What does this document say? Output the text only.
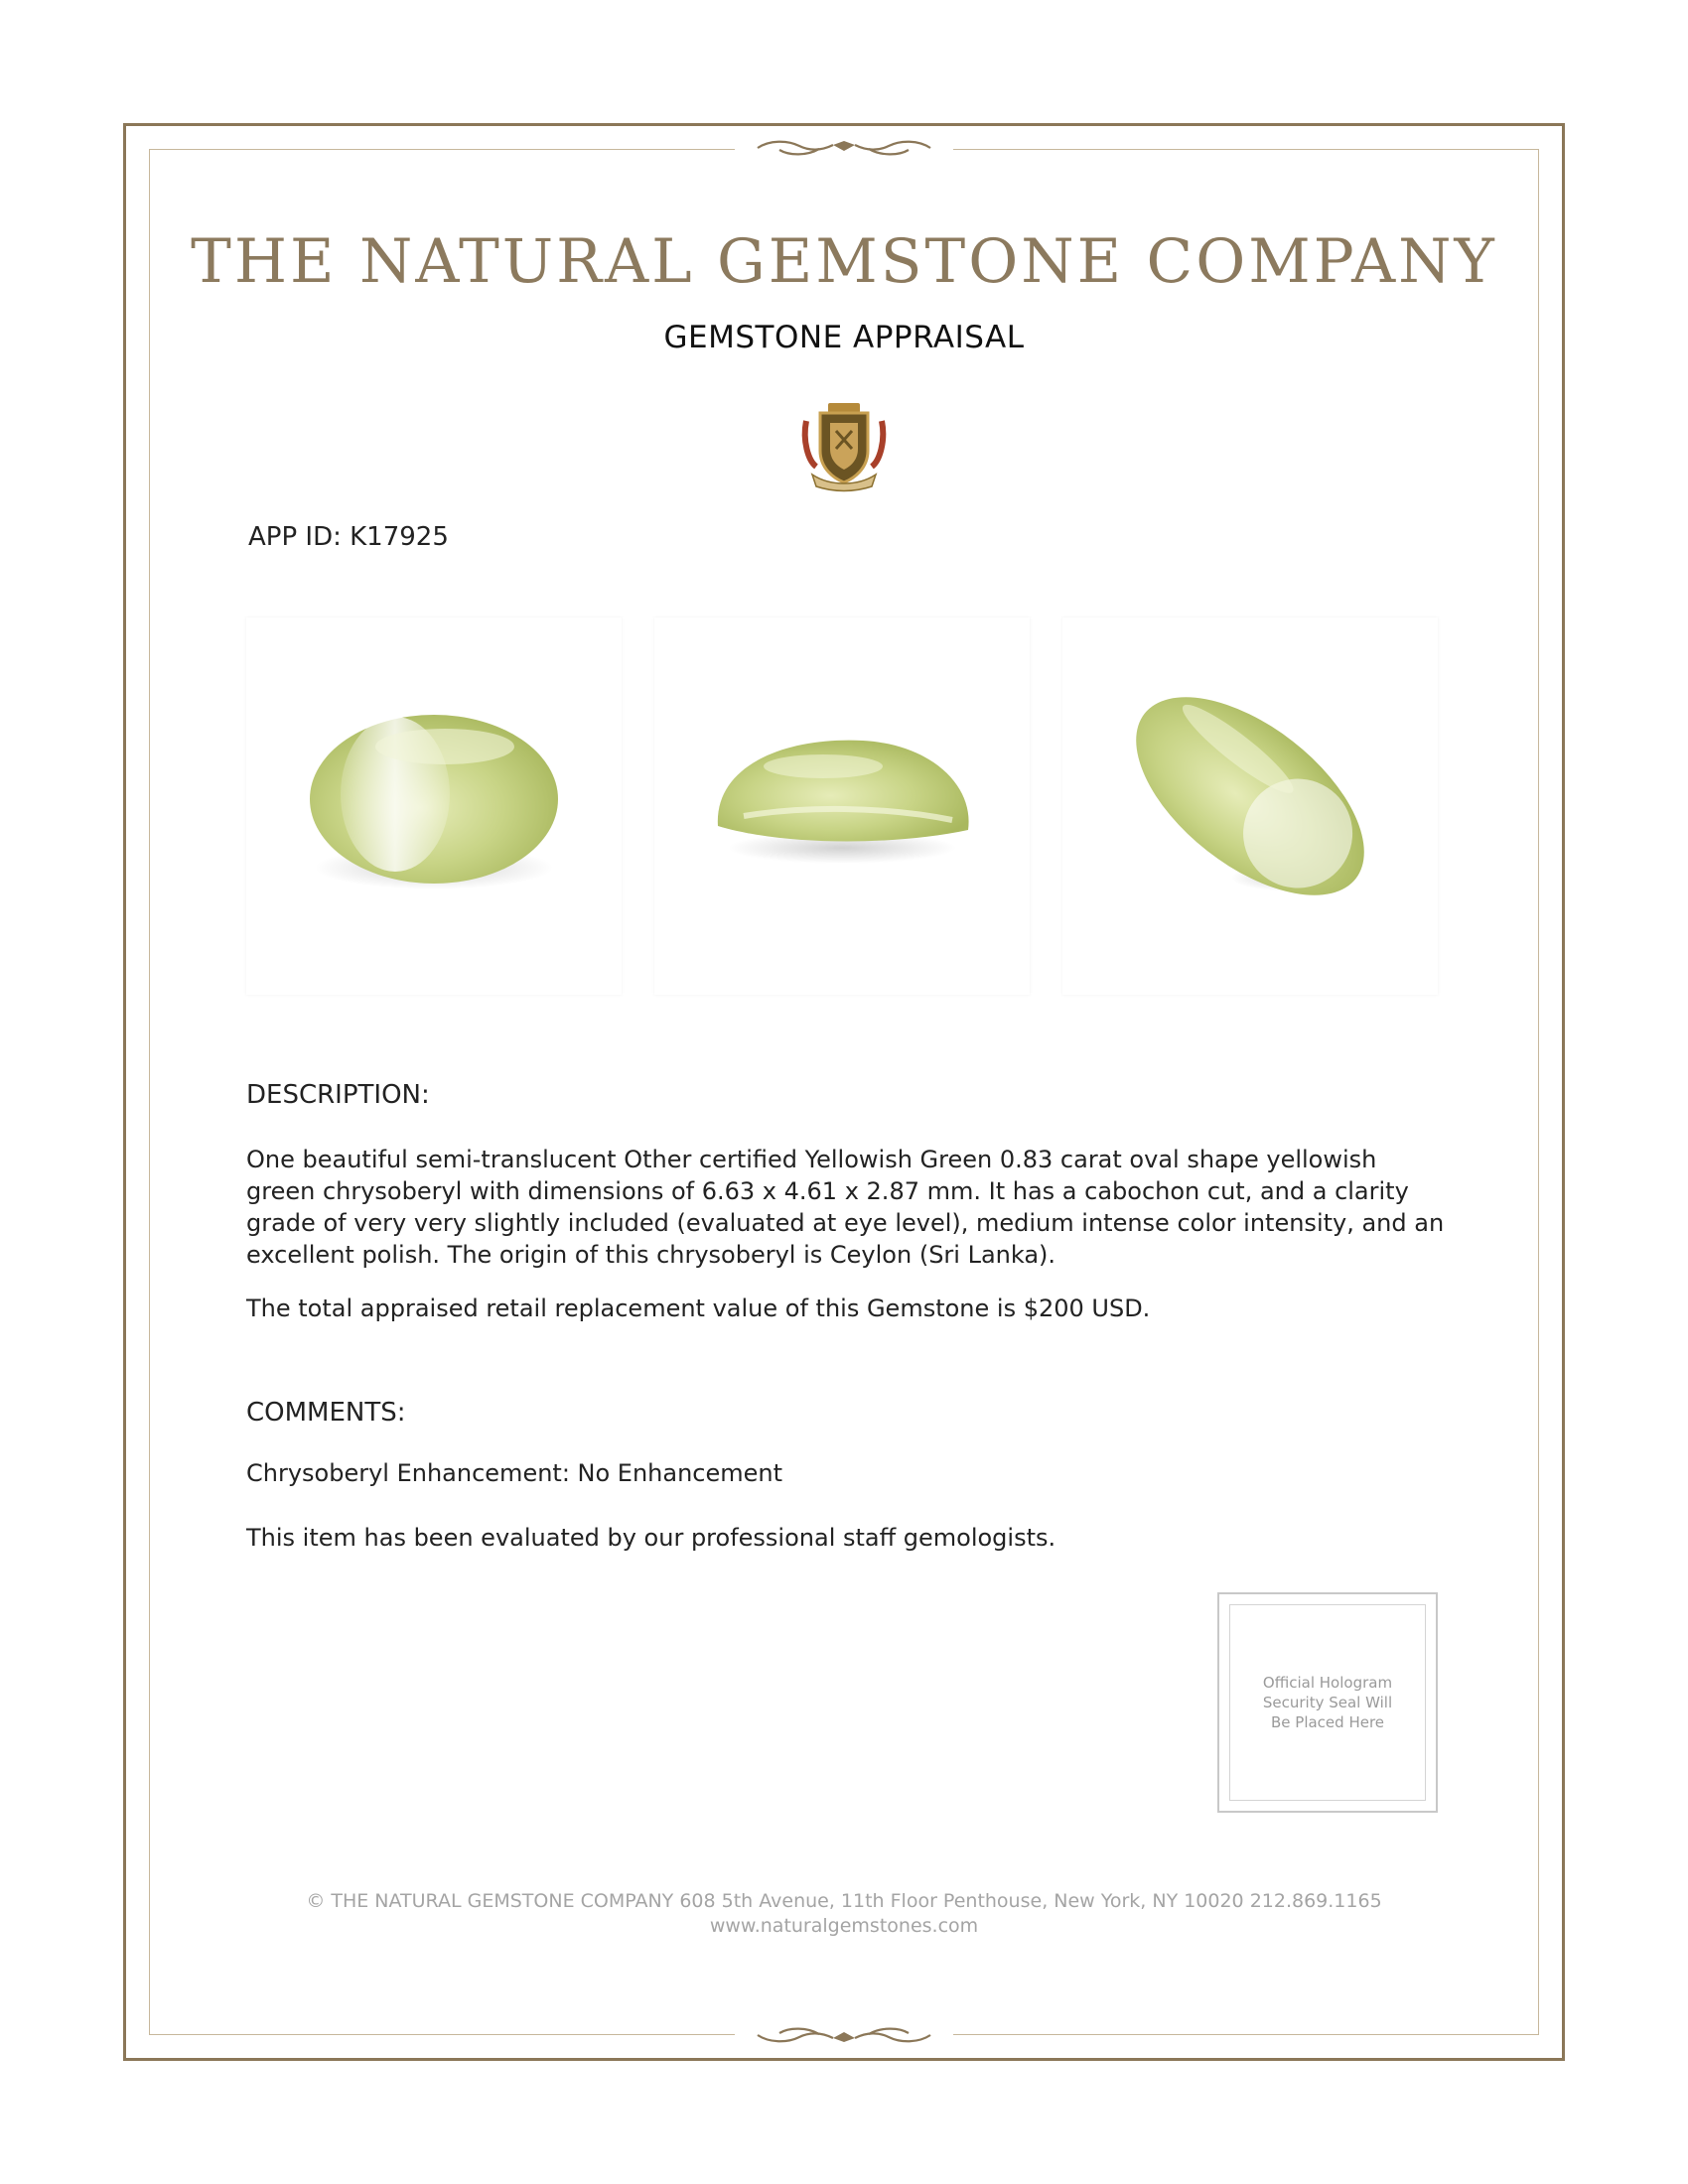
THE NATURAL GEMSTONE COMPANY
GEMSTONE APPRAISAL
APP ID: K17925
DESCRIPTION:
One beautiful semi-translucent Other certified Yellowish Green 0.83 carat oval shape yellowish green chrysoberyl with dimensions of 6.63 x 4.61 x 2.87 mm. It has a cabochon cut, and a clarity grade of very very slightly included (evaluated at eye level), medium intense color intensity, and an excellent polish. The origin of this chrysoberyl is Ceylon (Sri Lanka).
The total appraised retail replacement value of this Gemstone is $200 USD.
COMMENTS:
Chrysoberyl Enhancement: No Enhancement
This item has been evaluated by our professional staff gemologists.
Official Hologram Security Seal Will Be Placed Here
© THE NATURAL GEMSTONE COMPANY 608 5th Avenue, 11th Floor Penthouse, New York, NY 10020 212.869.1165
www.naturalgemstones.com
